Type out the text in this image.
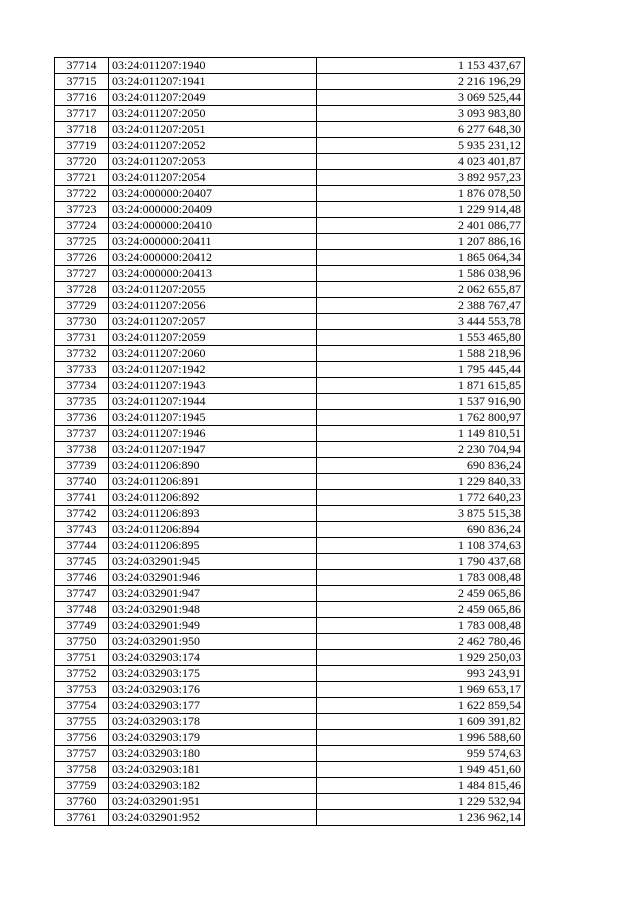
37714	03:24:011207:1940	1 153 437,67
37715	03:24:011207:1941	2 216 196,29
37716	03:24:011207:2049	3 069 525,44
37717	03:24:011207:2050	3 093 983,80
37718	03:24:011207:2051	6 277 648,30
37719	03:24:011207:2052	5 935 231,12
37720	03:24:011207:2053	4 023 401,87
37721	03:24:011207:2054	3 892 957,23
37722	03:24:000000:20407	1 876 078,50
37723	03:24:000000:20409	1 229 914,48
37724	03:24:000000:20410	2 401 086,77
37725	03:24:000000:20411	1 207 886,16
37726	03:24:000000:20412	1 865 064,34
37727	03:24:000000:20413	1 586 038,96
37728	03:24:011207:2055	2 062 655,87
37729	03:24:011207:2056	2 388 767,47
37730	03:24:011207:2057	3 444 553,78
37731	03:24:011207:2059	1 553 465,80
37732	03:24:011207:2060	1 588 218,96
37733	03:24:011207:1942	1 795 445,44
37734	03:24:011207:1943	1 871 615,85
37735	03:24:011207:1944	1 537 916,90
37736	03:24:011207:1945	1 762 800,97
37737	03:24:011207:1946	1 149 810,51
37738	03:24:011207:1947	2 230 704,94
37739	03:24:011206:890	690 836,24
37740	03:24:011206:891	1 229 840,33
37741	03:24:011206:892	1 772 640,23
37742	03:24:011206:893	3 875 515,38
37743	03:24:011206:894	690 836,24
37744	03:24:011206:895	1 108 374,63
37745	03:24:032901:945	1 790 437,68
37746	03:24:032901:946	1 783 008,48
37747	03:24:032901:947	2 459 065,86
37748	03:24:032901:948	2 459 065,86
37749	03:24:032901:949	1 783 008,48
37750	03:24:032901:950	2 462 780,46
37751	03:24:032903:174	1 929 250,03
37752	03:24:032903:175	993 243,91
37753	03:24:032903:176	1 969 653,17
37754	03:24:032903:177	1 622 859,54
37755	03:24:032903:178	1 609 391,82
37756	03:24:032903:179	1 996 588,60
37757	03:24:032903:180	959 574,63
37758	03:24:032903:181	1 949 451,60
37759	03:24:032903:182	1 484 815,46
37760	03:24:032901:951	1 229 532,94
37761	03:24:032901:952	1 236 962,14
